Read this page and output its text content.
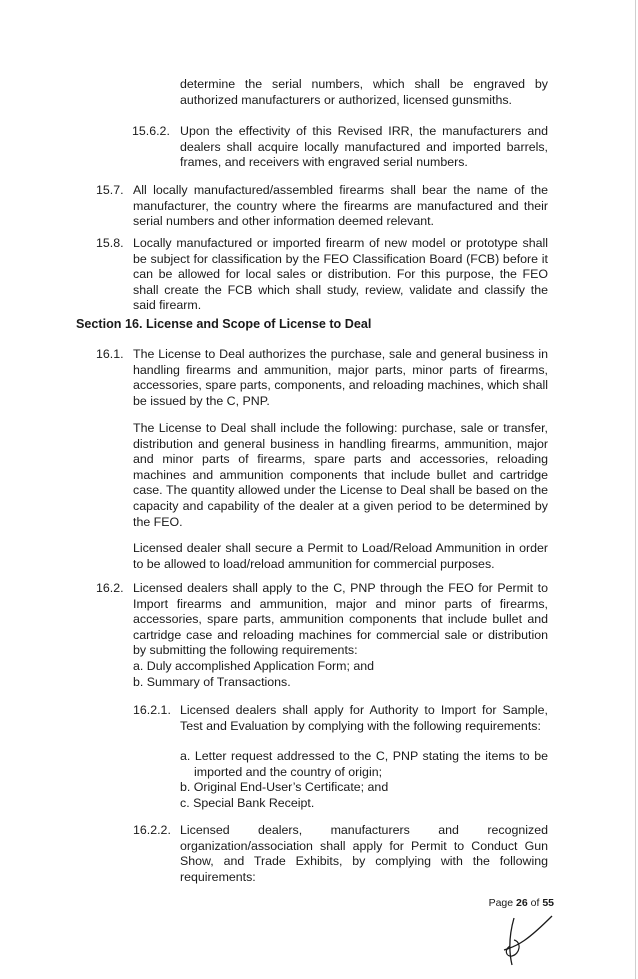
determine the serial numbers, which shall be engraved by authorized manufacturers or authorized, licensed gunsmiths.

15.6.2. Upon the effectivity of this Revised IRR, the manufacturers and dealers shall acquire locally manufactured and imported barrels, frames, and receivers with engraved serial numbers.

15.7. All locally manufactured/assembled firearms shall bear the name of the manufacturer, the country where the firearms are manufactured and their serial numbers and other information deemed relevant.

15.8. Locally manufactured or imported firearm of new model or prototype shall be subject for classification by the FEO Classification Board (FCB) before it can be allowed for local sales or distribution. For this purpose, the FEO shall create the FCB which shall study, review, validate and classify the said firearm.

Section 16. License and Scope of License to Deal

16.1. The License to Deal authorizes the purchase, sale and general business in handling firearms and ammunition, major parts, minor parts of firearms, accessories, spare parts, components, and reloading machines, which shall be issued by the C, PNP.

The License to Deal shall include the following: purchase, sale or transfer, distribution and general business in handling firearms, ammunition, major and minor parts of firearms, spare parts and accessories, reloading machines and ammunition components that include bullet and cartridge case. The quantity allowed under the License to Deal shall be based on the capacity and capability of the dealer at a given period to be determined by the FEO.

Licensed dealer shall secure a Permit to Load/Reload Ammunition in order to be allowed to load/reload ammunition for commercial purposes.

16.2. Licensed dealers shall apply to the C, PNP through the FEO for Permit to Import firearms and ammunition, major and minor parts of firearms, accessories, spare parts, ammunition components that include bullet and cartridge case and reloading machines for commercial sale or distribution by submitting the following requirements:

a. Duly accomplished Application Form; and

b. Summary of Transactions.

16.2.1. Licensed dealers shall apply for Authority to Import for Sample, Test and Evaluation by complying with the following requirements:

a. Letter request addressed to the C, PNP stating the items to be imported and the country of origin;

b. Original End-User’s Certificate; and

c. Special Bank Receipt.

16.2.2. Licensed dealers, manufacturers and recognized organization/association shall apply for Permit to Conduct Gun Show, and Trade Exhibits, by complying with the following requirements:

Page 26 of 55
